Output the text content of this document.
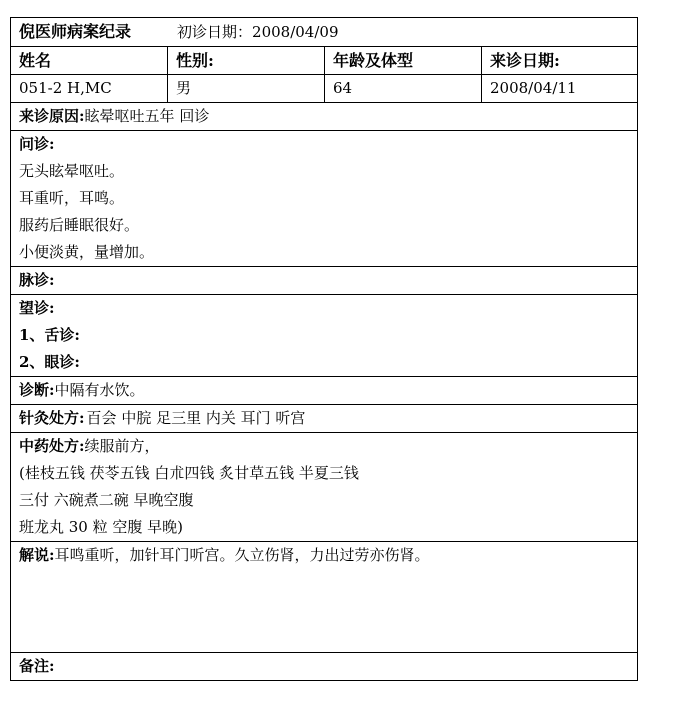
倪医师病案纪录 初诊日期：2008/04/09			
姓名	性别:	年龄及体型	来诊日期:
051-2 H,MC	男	64	2008/04/11
来诊原因:眩晕呕吐五年 回诊			

问诊:
无头眩晕呕吐。
耳重听，耳鸣。
服药后睡眠很好。
小便淡黄，量增加。			

脉诊:			

望诊:
1、舌诊:
2、眼诊:			

诊断:中隔有水饮。			
针灸处方: 百会 中脘 足三里 内关 耳门 听宫			

中药处方:续服前方，
(桂枝五钱 茯苓五钱 白朮四钱 炙甘草五钱 半夏三钱
三付 六碗煮二碗 早晚空腹
班龙丸 30 粒 空腹 早晚)			

解说:耳鸣重听，加针耳门听宫。久立伤肾，力出过劳亦伤肾。			
备注:			
